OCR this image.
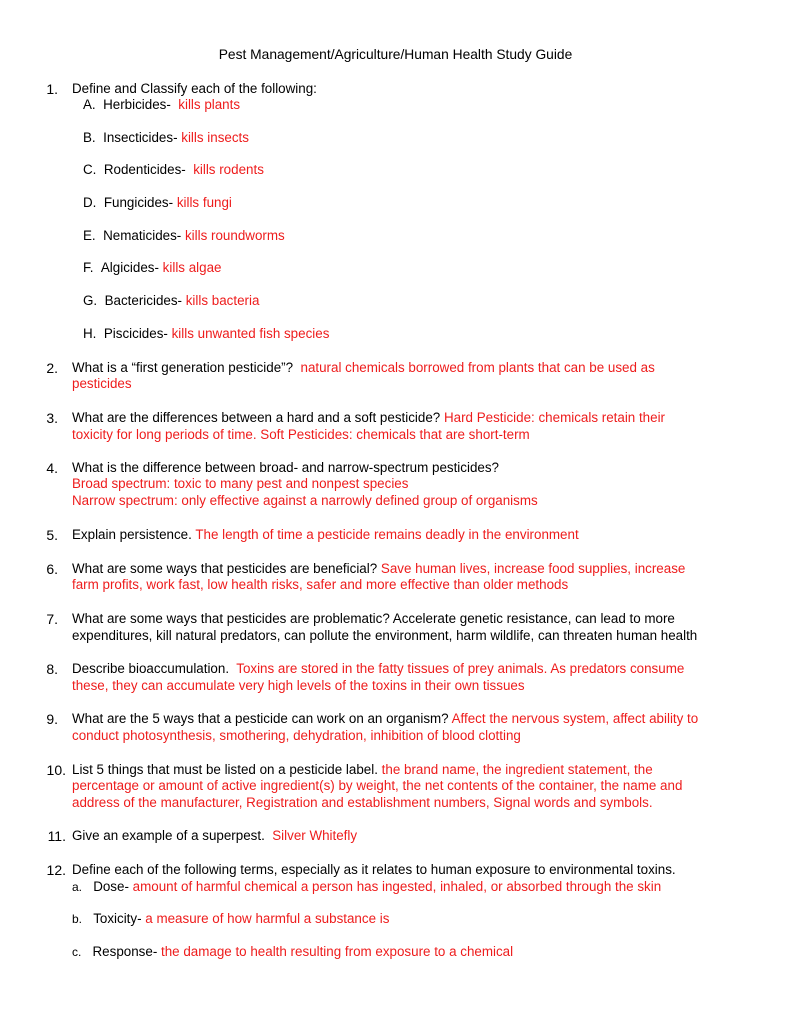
Pest Management/Agriculture/Human Health Study Guide
1. Define and Classify each of the following:
A. Herbicides- kills plants
B. Insecticides- kills insects
C. Rodenticides- kills rodents
D. Fungicides- kills fungi
E. Nematicides- kills roundworms
F. Algicides- kills algae
G. Bactericides- kills bacteria
H. Piscicides- kills unwanted fish species
2. What is a “first generation pesticide”? natural chemicals borrowed from plants that can be used as
pesticides
3. What are the differences between a hard and a soft pesticide? Hard Pesticide: chemicals retain their
toxicity for long periods of time. Soft Pesticides: chemicals that are short-term
4. What is the difference between broad- and narrow-spectrum pesticides?
Broad spectrum: toxic to many pest and nonpest species
Narrow spectrum: only effective against a narrowly defined group of organisms
5. Explain persistence. The length of time a pesticide remains deadly in the environment
6. What are some ways that pesticides are beneficial? Save human lives, increase food supplies, increase
farm profits, work fast, low health risks, safer and more effective than older methods
7. What are some ways that pesticides are problematic? Accelerate genetic resistance, can lead to more
expenditures, kill natural predators, can pollute the environment, harm wildlife, can threaten human health
8. Describe bioaccumulation. Toxins are stored in the fatty tissues of prey animals. As predators consume
these, they can accumulate very high levels of the toxins in their own tissues
9. What are the 5 ways that a pesticide can work on an organism? Affect the nervous system, affect ability to
conduct photosynthesis, smothering, dehydration, inhibition of blood clotting
10. List 5 things that must be listed on a pesticide label. the brand name, the ingredient statement, the
percentage or amount of active ingredient(s) by weight, the net contents of the container, the name and
address of the manufacturer, Registration and establishment numbers, Signal words and symbols.
11. Give an example of a superpest. Silver Whitefly
12. Define each of the following terms, especially as it relates to human exposure to environmental toxins.
a. Dose- amount of harmful chemical a person has ingested, inhaled, or absorbed through the skin
b. Toxicity- a measure of how harmful a substance is
c. Response- the damage to health resulting from exposure to a chemical
